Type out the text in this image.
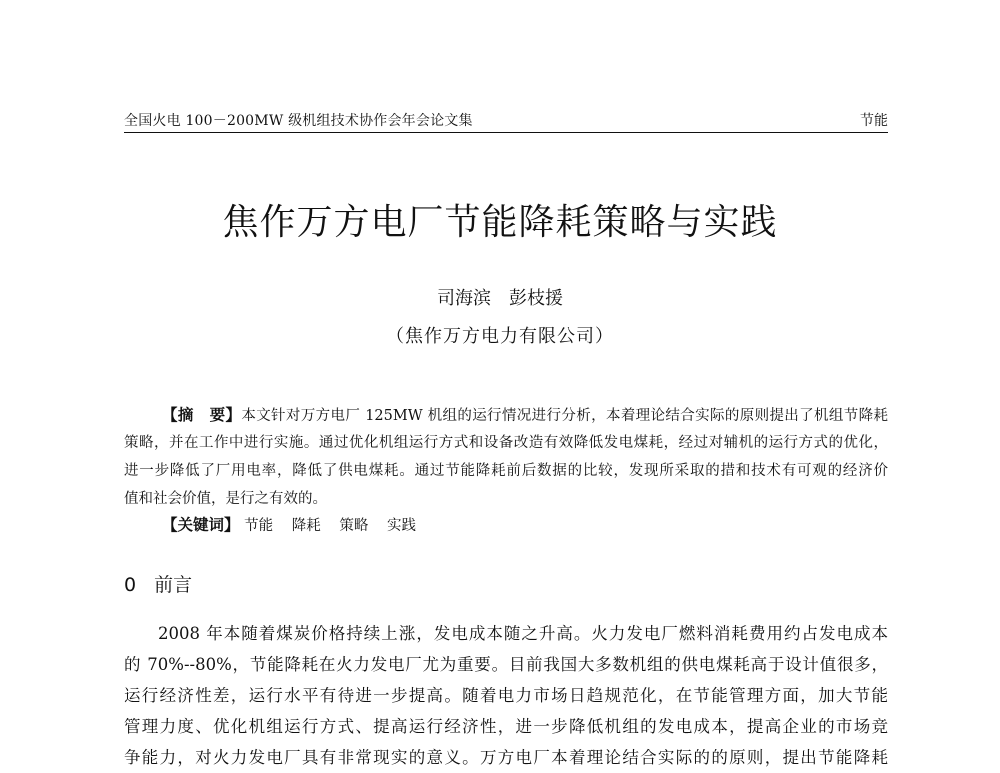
全国火电 100－200MW 级机组技术协作会年会论文集	节能
焦作万方电厂节能降耗策略与实践
司海滨　彭枝援
（焦作万方电力有限公司）
【摘　要】本文针对万方电厂 125MW 机组的运行情况进行分析，本着理论结合实际的原则提出了机组节降耗
策略，并在工作中进行实施。通过优化机组运行方式和设备改造有效降低发电煤耗，经过对辅机的运行方式的优化，
进一步降低了厂用电率，降低了供电煤耗。通过节能降耗前后数据的比较，发现所采取的措和技术有可观的经济价
值和社会价值，是行之有效的。
【关键词】 节能 降耗 策略 实践
0 前言
2008 年本随着煤炭价格持续上涨，发电成本随之升高。火力发电厂燃料消耗费用约占发电成本
的 70%--80%，节能降耗在火力发电厂尤为重要。目前我国大多数机组的供电煤耗高于设计值很多，
运行经济性差，运行水平有待进一步提高。随着电力市场日趋规范化，在节能管理方面，加大节能
管理力度、优化机组运行方式、提高运行经济性，进一步降低机组的发电成本，提高企业的市场竞
争能力，对火力发电厂具有非常现实的意义。万方电厂本着理论结合实际的的原则，提出节能降耗
